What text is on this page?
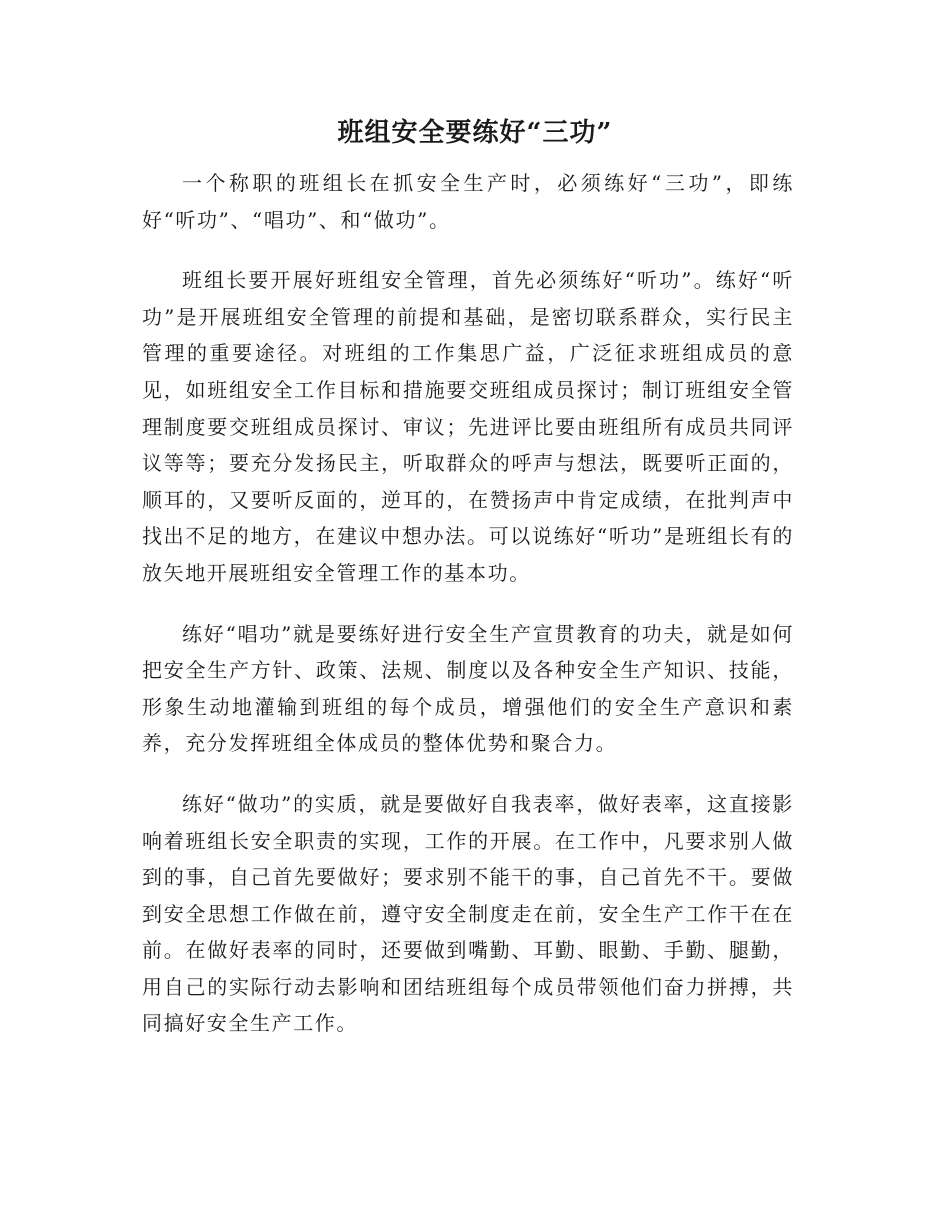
班组安全要练好“三功”

一个称职的班组长在抓安全生产时，必须练好“三功”，即练好“听功”、“唱功”、和“做功”。

班组长要开展好班组安全管理，首先必须练好“听功”。练好“听功”是开展班组安全管理的前提和基础，是密切联系群众，实行民主管理的重要途径。对班组的工作集思广益，广泛征求班组成员的意见，如班组安全工作目标和措施要交班组成员探讨；制订班组安全管理制度要交班组成员探讨、审议；先进评比要由班组所有成员共同评议等等；要充分发扬民主，听取群众的呼声与想法，既要听正面的，顺耳的，又要听反面的，逆耳的，在赞扬声中肯定成绩，在批判声中找出不足的地方，在建议中想办法。可以说练好“听功”是班组长有的放矢地开展班组安全管理工作的基本功。

练好“唱功”就是要练好进行安全生产宣贯教育的功夫，就是如何把安全生产方针、政策、法规、制度以及各种安全生产知识、技能，形象生动地灌输到班组的每个成员，增强他们的安全生产意识和素养，充分发挥班组全体成员的整体优势和聚合力。

练好“做功”的实质，就是要做好自我表率，做好表率，这直接影响着班组长安全职责的实现，工作的开展。在工作中，凡要求别人做到的事，自己首先要做好；要求别不能干的事，自己首先不干。要做到安全思想工作做在前，遵守安全制度走在前，安全生产工作干在在前。在做好表率的同时，还要做到嘴勤、耳勤、眼勤、手勤、腿勤，用自己的实际行动去影响和团结班组每个成员带领他们奋力拼搏，共同搞好安全生产工作。
